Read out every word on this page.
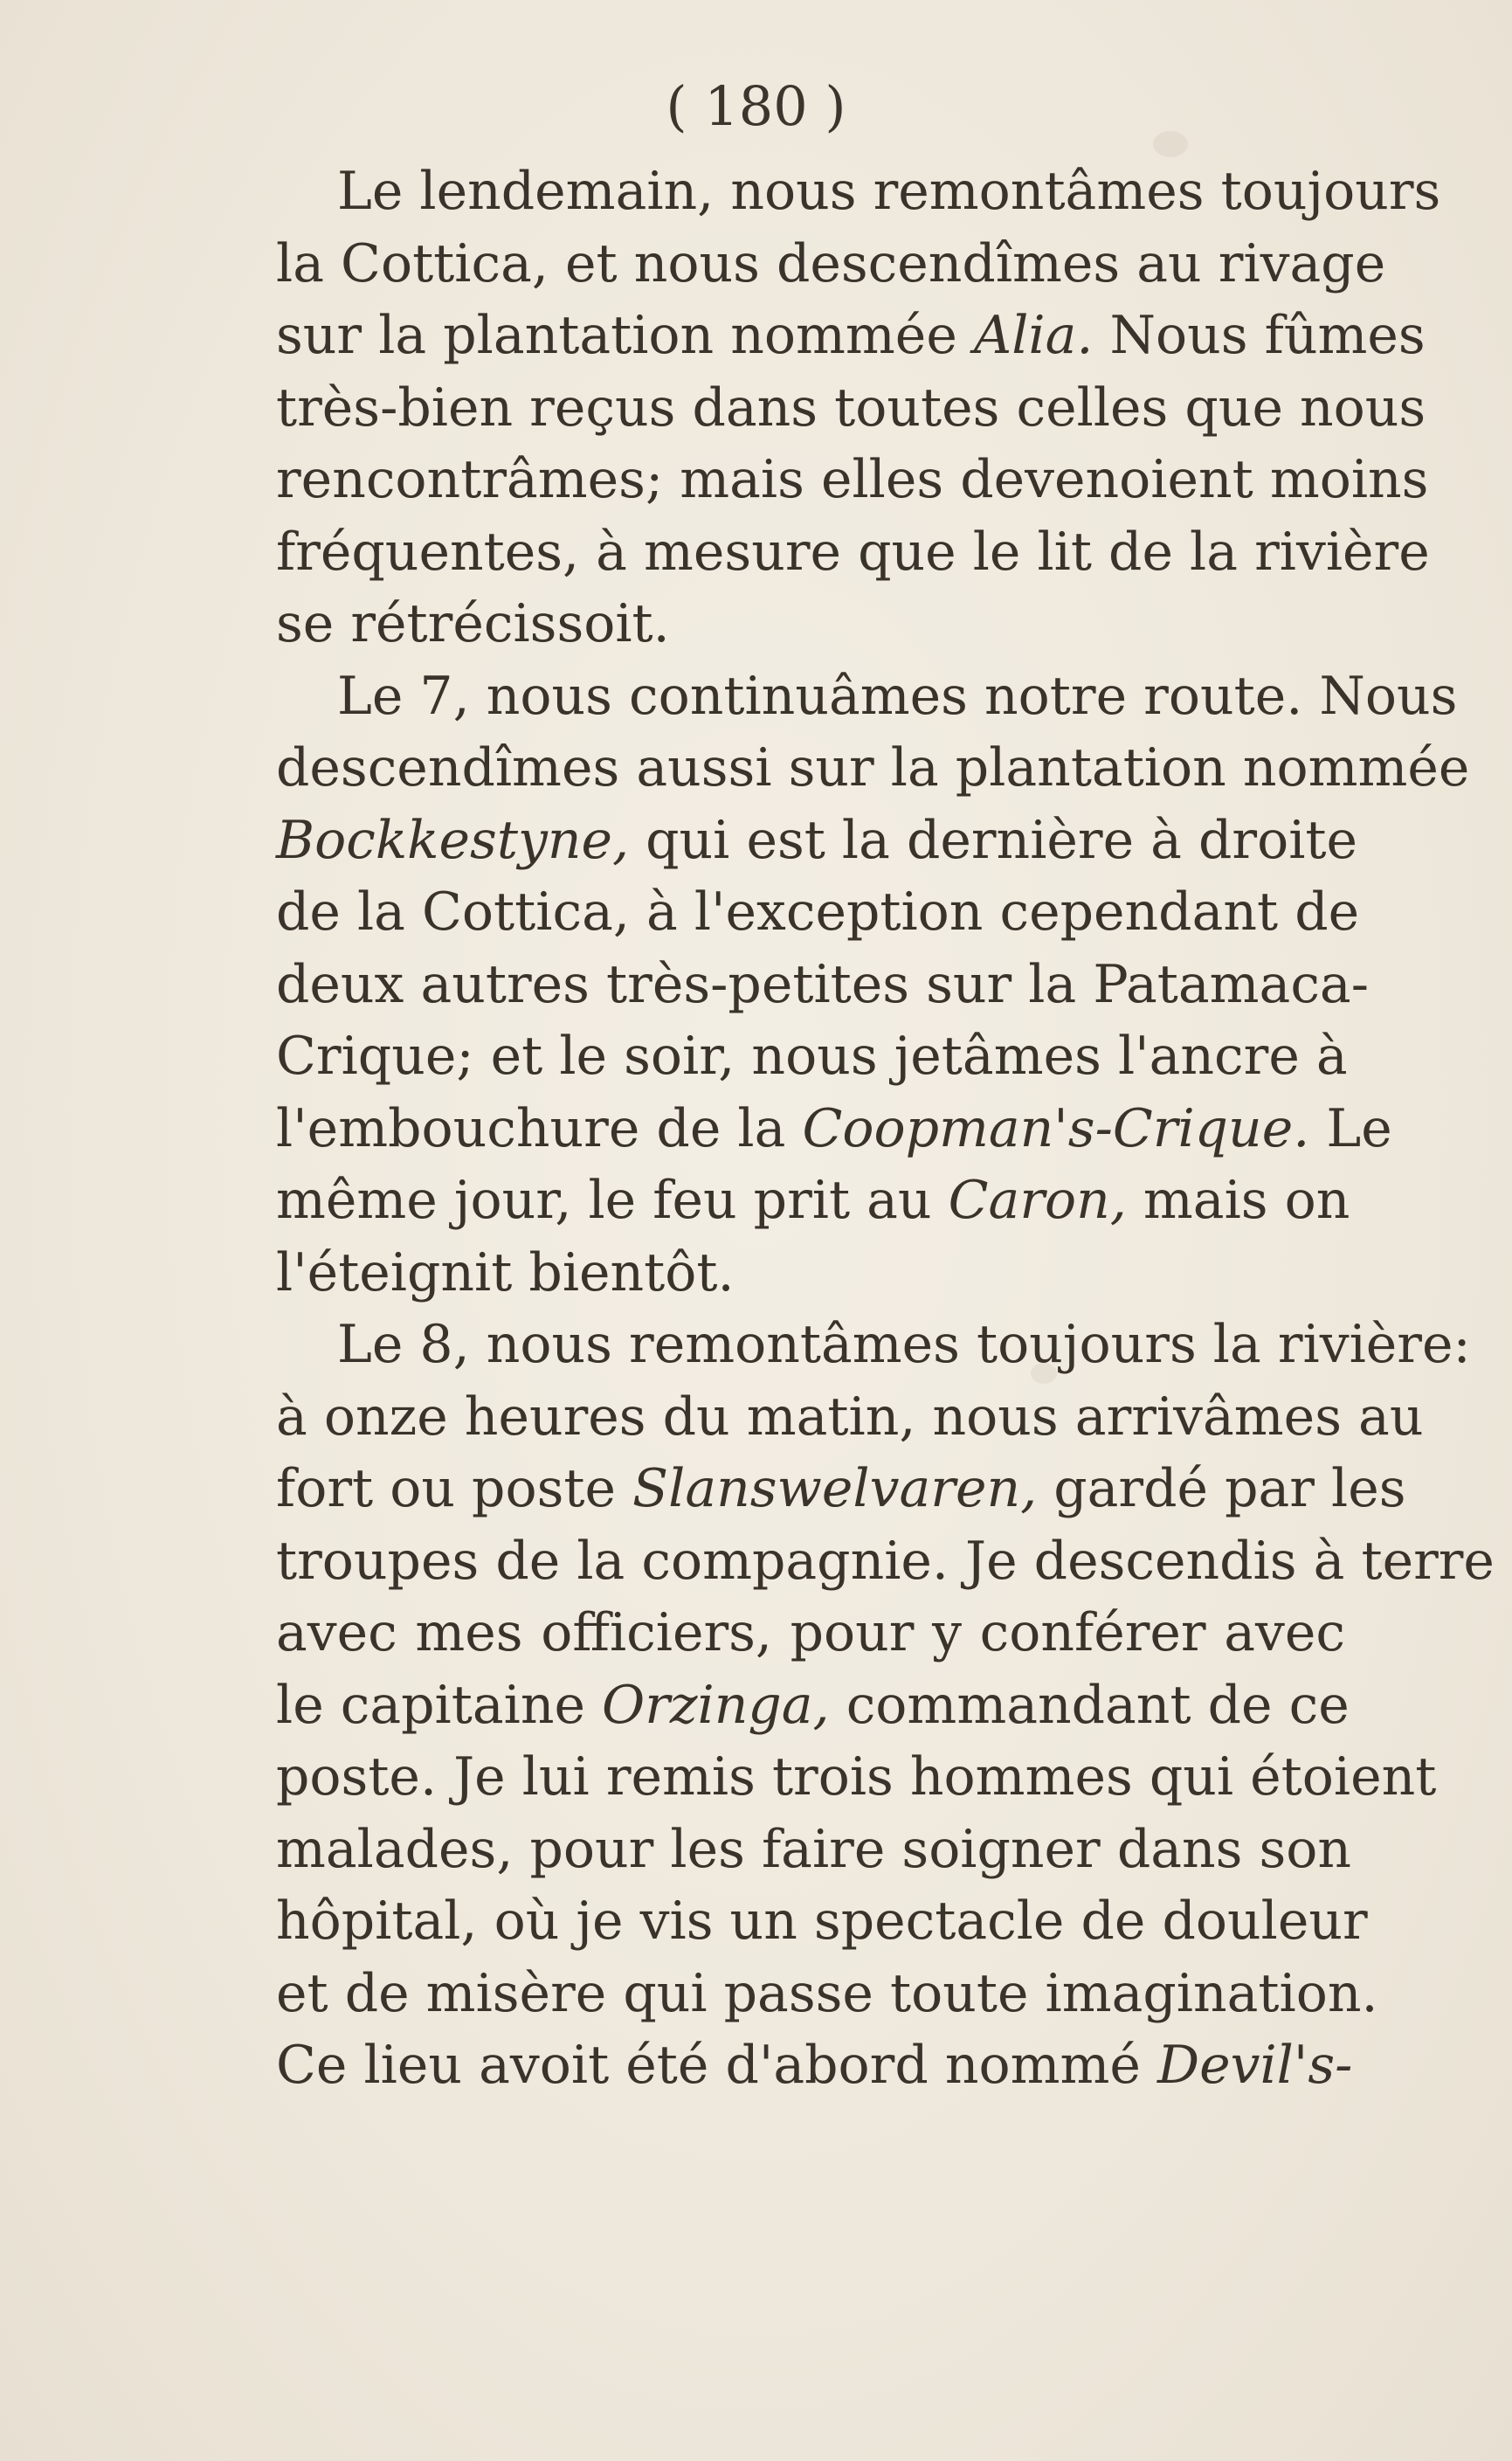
( 180 )
Le lendemain, nous remontâmes toujours
la Cottica, et nous descendîmes au rivage
sur la plantation nommée Alia. Nous fûmes
très-bien reçus dans toutes celles que nous
rencontrâmes; mais elles devenoient moins
fréquentes, à mesure que le lit de la rivière
se rétrécissoit.
Le 7, nous continuâmes notre route. Nous
descendîmes aussi sur la plantation nommée
Bockkestyne, qui est la dernière à droite
de la Cottica, à l'exception cependant de
deux autres très-petites sur la Patamaca-
Crique; et le soir, nous jetâmes l'ancre à
l'embouchure de la Coopman's-Crique. Le
même jour, le feu prit au Caron, mais on
l'éteignit bientôt.
Le 8, nous remontâmes toujours la rivière:
à onze heures du matin, nous arrivâmes au
fort ou poste Slanswelvaren, gardé par les
troupes de la compagnie. Je descendis à terre
avec mes officiers, pour y conférer avec
le capitaine Orzinga, commandant de ce
poste. Je lui remis trois hommes qui étoient
malades, pour les faire soigner dans son
hôpital, où je vis un spectacle de douleur
et de misère qui passe toute imagination.
Ce lieu avoit été d'abord nommé Devil's-
